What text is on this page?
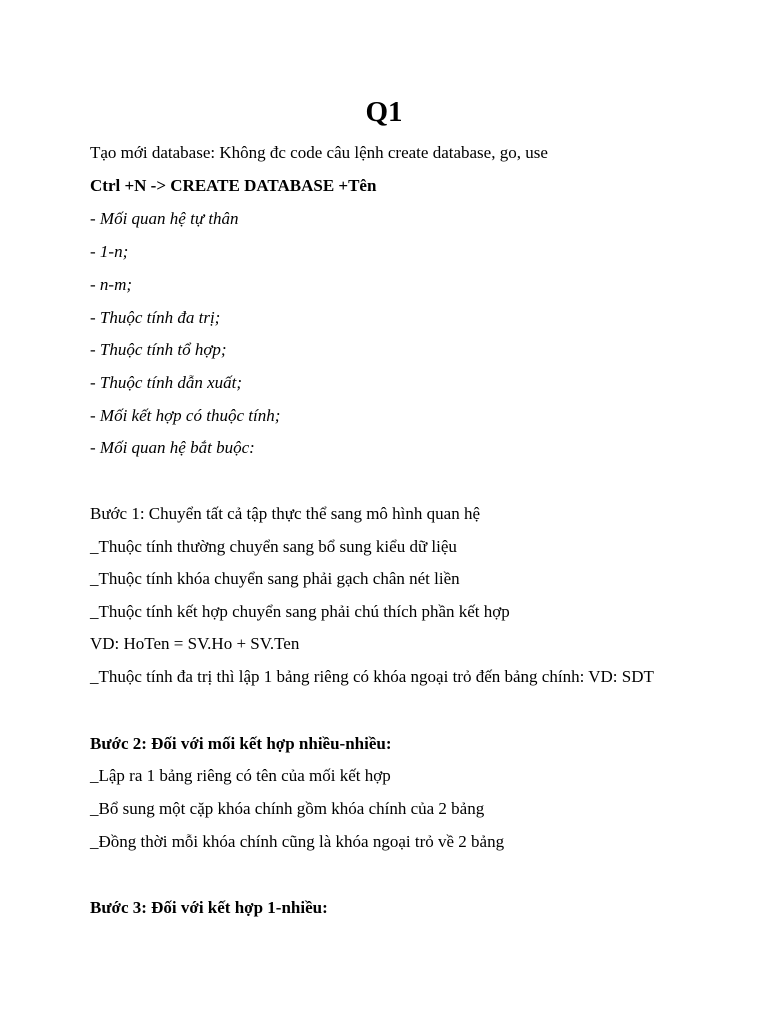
Q1
Tạo mới database: Không đc code câu lệnh create database, go, use
Ctrl +N -> CREATE DATABASE +Tên
- Mối quan hệ tự thân
- 1-n;
- n-m;
- Thuộc tính đa trị;
- Thuộc tính tổ hợp;
- Thuộc tính dẫn xuất;
- Mối kết hợp có thuộc tính;
- Mối quan hệ bắt buộc:
Bước 1: Chuyển tất cả tập thực thể sang mô hình quan hệ
_Thuộc tính thường chuyển sang bổ sung kiểu dữ liệu
_Thuộc tính khóa chuyển sang phải gạch chân nét liền
_Thuộc tính kết hợp chuyển sang phải chú thích phần kết hợp
VD: HoTen = SV.Ho + SV.Ten
_Thuộc tính đa trị thì lập 1 bảng riêng có khóa ngoại trỏ đến bảng chính: VD: SDT
Bước 2: Đối với mối kết hợp nhiều-nhiều:
_Lập ra 1 bảng riêng có tên của mối kết hợp
_Bổ sung một cặp khóa chính gồm khóa chính của 2 bảng
_Đồng thời mỗi khóa chính cũng là khóa ngoại trỏ về 2 bảng
Bước 3: Đối với kết hợp 1-nhiều:
